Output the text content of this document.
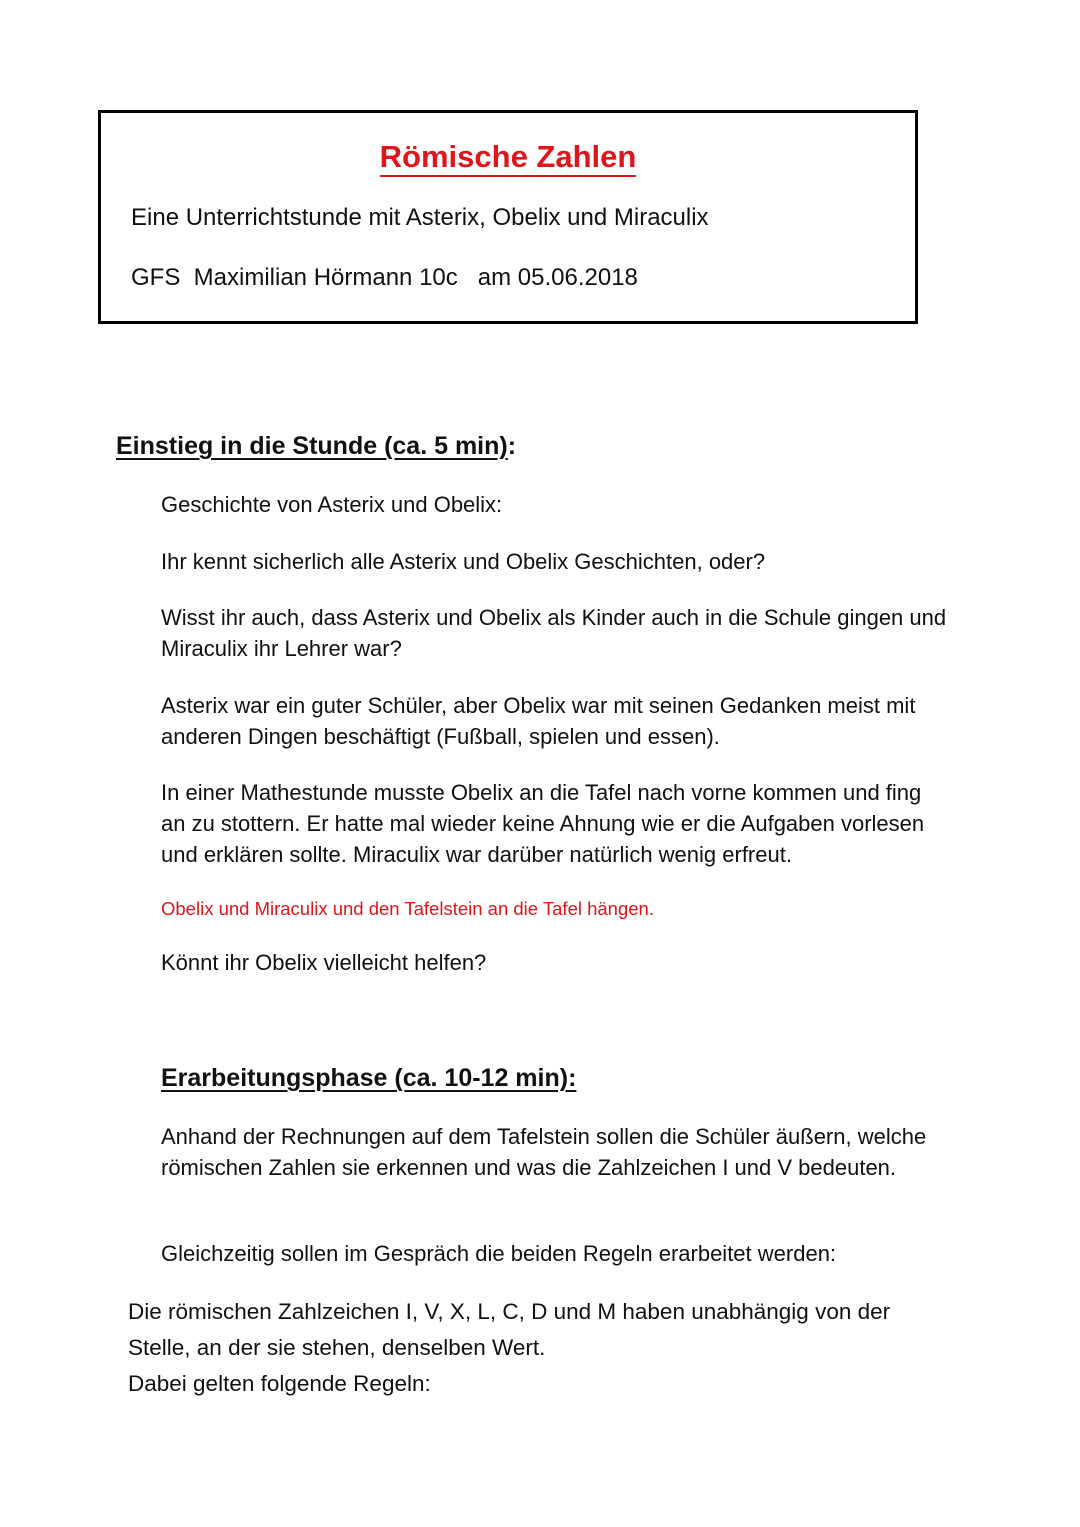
Römische Zahlen
Eine Unterrichtstunde mit Asterix, Obelix und Miraculix
GFS  Maximilian Hörmann 10c   am 05.06.2018
Einstieg in die Stunde (ca. 5 min):
Geschichte von Asterix und Obelix:
Ihr kennt sicherlich alle Asterix und Obelix Geschichten, oder?
Wisst ihr auch, dass Asterix und Obelix als Kinder auch in die Schule gingen und Miraculix ihr Lehrer war?
Asterix war ein guter Schüler, aber Obelix war mit seinen Gedanken meist mit anderen Dingen beschäftigt (Fußball, spielen und essen).
In einer Mathestunde musste Obelix an die Tafel nach vorne kommen und fing an zu stottern. Er hatte mal wieder keine Ahnung wie er die Aufgaben vorlesen und erklären sollte. Miraculix war darüber natürlich wenig erfreut.
Obelix und Miraculix und den Tafelstein an die Tafel hängen.
Könnt ihr Obelix vielleicht helfen?
Erarbeitungsphase (ca. 10-12 min):
Anhand der Rechnungen auf dem Tafelstein sollen die Schüler äußern, welche römischen Zahlen sie erkennen und was die Zahlzeichen I und V bedeuten.
Gleichzeitig sollen im Gespräch die beiden Regeln erarbeitet werden:
Die römischen Zahlzeichen I, V, X, L, C, D und M haben unabhängig von der
Stelle, an der sie stehen, denselben Wert.
Dabei gelten folgende Regeln:
